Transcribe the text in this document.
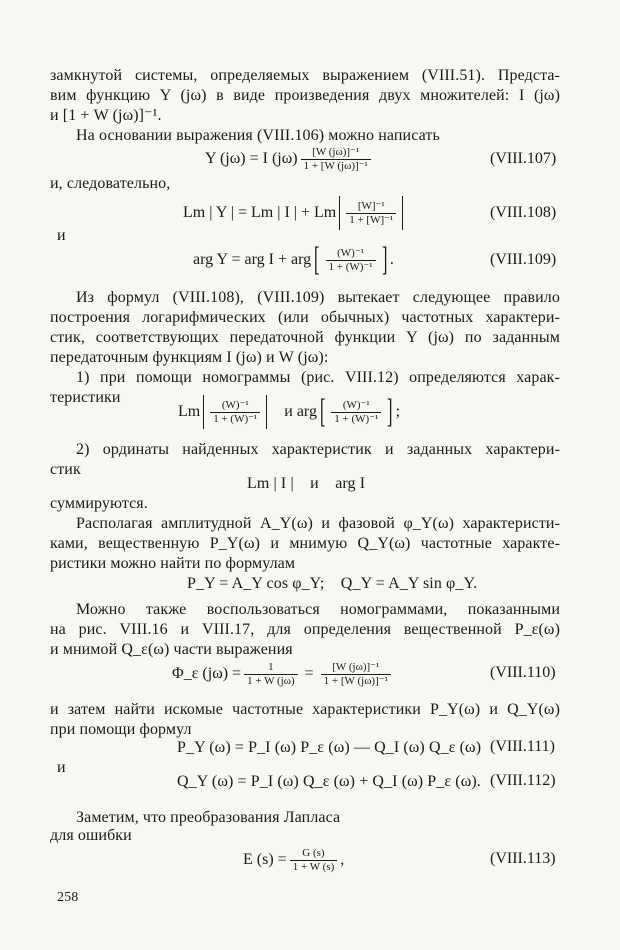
замкнутой системы, определяемых выражением (VIII.51). Предста-
вим функцию Y (jω) в виде произведения двух множителей: I (jω)
и [1 + W (jω)]⁻¹.
На основании выражения (VIII.106) можно написать
Y (jω) = I $(j\omega) \frac{\text{[W (jω)]⁻¹}}{\text{1 + [W (jω)]⁻¹}}$	(VIII.107)
и, следовательно,
Lm | Y | = Lm | I | + Lm $\frac{\text{[W]⁻¹}}{\text{1 + [W]⁻¹}}$	(VIII.108)
и
arg Y = arg I + arg [ $\frac{\text{(W)⁻¹}}{\text{1 + (W)⁻¹}}$ ] .	(VIII.109)
Из формул (VIII.108), (VIII.109) вытекает следующее правило
построения логарифмических (или обычных) частотных характери-
стик, соответствующих передаточной функции Y (jω) по заданным
передаточным функциям I (jω) и W (jω):
1) при помощи номограммы (рис. VIII.12) определяются харак-
теристики
Lm $\frac{\text{(W)⁻¹}}{\text{1 + (W)⁻¹}}$ и arg [ $\frac{\text{(W)⁻¹}}{\text{1 + (W)⁻¹}}$ ] ;
2) ординаты найденных характеристик и заданных характери-
стик
Lm | I |    и    arg I
суммируются.
Располагая амплитудной A_Y(ω) и фазовой φ_Y(ω) характеристи-
ками, вещественную P_Y(ω) и мнимую Q_Y(ω) частотные характе-
ристики можно найти по формулам
P_Y = A_Y cos φ_Y;    Q_Y = A_Y sin φ_Y.
Можно также воспользоваться номограммами, показанными
на рис. VIII.16 и VIII.17, для определения вещественной P_ε(ω)
и мнимой Q_ε(ω) части выражения
Φ_ε $(j\omega) = \frac{1}{1 + W (j\omega)} = \frac{\text{[W (jω)]⁻¹}}{\text{1 + [W (jω)]⁻¹}}$	(VIII.110)
и затем найти искомые частотные характеристики P_Y(ω) и Q_Y(ω)
при помощи формул
P_Y (ω) = P_I (ω) P_ε (ω) — Q_I (ω) Q_ε (ω) (VIII.111)
и
Q_Y (ω) = P_I (ω) Q_ε (ω) + Q_I (ω) P_ε (ω). (VIII.112)
Заметим, что преобразования Лапласа
для ошибки
E $(s) = \frac{G (s)}{1 + W (s)}$ ,	(VIII.113)
258
